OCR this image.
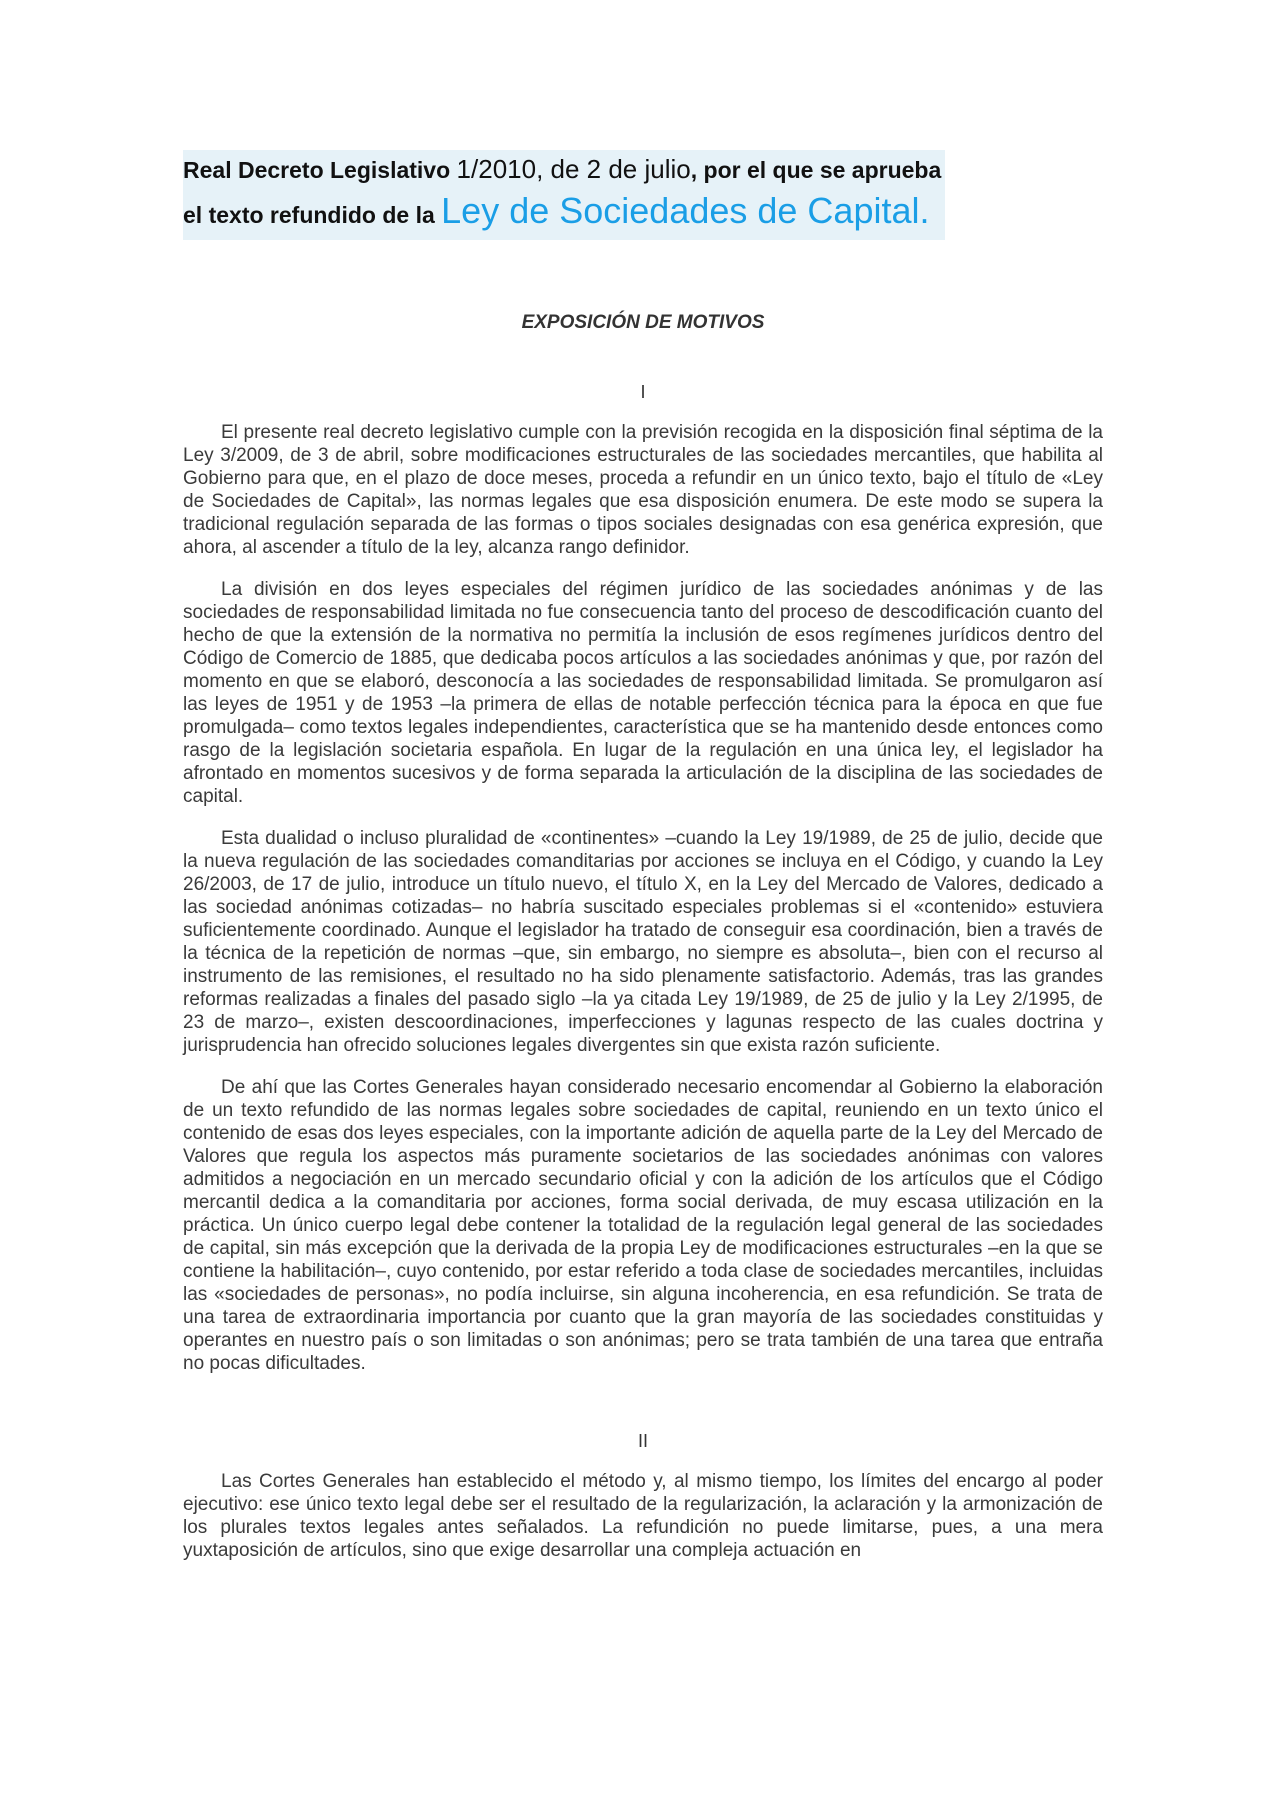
Real Decreto Legislativo 1/2010, de 2 de julio, por el que se aprueba
el texto refundido de la Ley de Sociedades de Capital.
EXPOSICIÓN DE MOTIVOS
I

El presente real decreto legislativo cumple con la previsión recogida en la disposición final séptima de la Ley 3/2009, de 3 de abril, sobre modificaciones estructurales de las sociedades mercantiles, que habilita al Gobierno para que, en el plazo de doce meses, proceda a refundir en un único texto, bajo el título de «Ley de Sociedades de Capital», las normas legales que esa disposición enumera. De este modo se supera la tradicional regulación separada de las formas o tipos sociales designadas con esa genérica expresión, que ahora, al ascender a título de la ley, alcanza rango definidor.

La división en dos leyes especiales del régimen jurídico de las sociedades anónimas y de las sociedades de responsabilidad limitada no fue consecuencia tanto del proceso de descodificación cuanto del hecho de que la extensión de la normativa no permitía la inclusión de esos regímenes jurídicos dentro del Código de Comercio de 1885, que dedicaba pocos artículos a las sociedades anónimas y que, por razón del momento en que se elaboró, desconocía a las sociedades de responsabilidad limitada. Se promulgaron así las leyes de 1951 y de 1953 –la primera de ellas de notable perfección técnica para la época en que fue promulgada– como textos legales independientes, característica que se ha mantenido desde entonces como rasgo de la legislación societaria española. En lugar de la regulación en una única ley, el legislador ha afrontado en momentos sucesivos y de forma separada la articulación de la disciplina de las sociedades de capital.

Esta dualidad o incluso pluralidad de «continentes» –cuando la Ley 19/1989, de 25 de julio, decide que la nueva regulación de las sociedades comanditarias por acciones se incluya en el Código, y cuando la Ley 26/2003, de 17 de julio, introduce un título nuevo, el título X, en la Ley del Mercado de Valores, dedicado a las sociedad anónimas cotizadas– no habría suscitado especiales problemas si el «contenido» estuviera suficientemente coordinado. Aunque el legislador ha tratado de conseguir esa coordinación, bien a través de la técnica de la repetición de normas –que, sin embargo, no siempre es absoluta–, bien con el recurso al instrumento de las remisiones, el resultado no ha sido plenamente satisfactorio. Además, tras las grandes reformas realizadas a finales del pasado siglo –la ya citada Ley 19/1989, de 25 de julio y la Ley 2/1995, de 23 de marzo–, existen descoordinaciones, imperfecciones y lagunas respecto de las cuales doctrina y jurisprudencia han ofrecido soluciones legales divergentes sin que exista razón suficiente.

De ahí que las Cortes Generales hayan considerado necesario encomendar al Gobierno la elaboración de un texto refundido de las normas legales sobre sociedades de capital, reuniendo en un texto único el contenido de esas dos leyes especiales, con la importante adición de aquella parte de la Ley del Mercado de Valores que regula los aspectos más puramente societarios de las sociedades anónimas con valores admitidos a negociación en un mercado secundario oficial y con la adición de los artículos que el Código mercantil dedica a la comanditaria por acciones, forma social derivada, de muy escasa utilización en la práctica. Un único cuerpo legal debe contener la totalidad de la regulación legal general de las sociedades de capital, sin más excepción que la derivada de la propia Ley de modificaciones estructurales –en la que se contiene la habilitación–, cuyo contenido, por estar referido a toda clase de sociedades mercantiles, incluidas las «sociedades de personas», no podía incluirse, sin alguna incoherencia, en esa refundición. Se trata de una tarea de extraordinaria importancia por cuanto que la gran mayoría de las sociedades constituidas y operantes en nuestro país o son limitadas o son anónimas; pero se trata también de una tarea que entraña no pocas dificultades.

II

Las Cortes Generales han establecido el método y, al mismo tiempo, los límites del encargo al poder ejecutivo: ese único texto legal debe ser el resultado de la regularización, la aclaración y la armonización de los plurales textos legales antes señalados. La refundición no puede limitarse, pues, a una mera yuxtaposición de artículos, sino que exige desarrollar una compleja actuación en
